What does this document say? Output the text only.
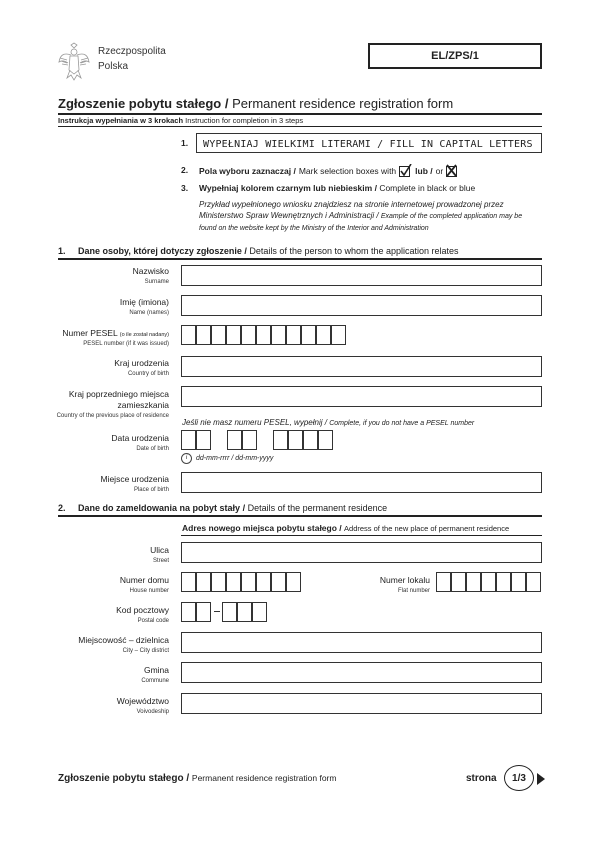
Rzeczpospolita
Polska
EL/ZPS/1
Zgłoszenie pobytu stałego / Permanent residence registration form
Instrukcja wypełniania w 3 krokach Instruction for completion in 3 steps
1.	WYPEŁNIAJ WIELKIMI LITERAMI / FILL IN CAPITAL LETTERS
2. Pola wyboru zaznaczaj / Mark selection boxes with lub / or
3. Wypełniaj kolorem czarnym lub niebieskim / Complete in black or blue
Przykład wypełnionego wniosku znajdziesz na stronie internetowej prowadzonej przez Ministerstwo Spraw Wewnętrznych i Administracji / Example of the completed application may be found on the website kept by the Ministry of the Interior and Administration
1. Dane osoby, której dotyczy zgłoszenie / Details of the person to whom the application relates
Nazwisko
Surname
Imię (imiona)
Name (names)
Numer PESEL (o ile został nadany)
PESEL number (if it was issued)
Kraj urodzenia
Country of birth
Kraj poprzedniego miejsca
zamieszkania
Country of the previous place of residence
Jeśli nie masz numeru PESEL, wypełnij / Complete, if you do not have a PESEL number
Data urodzenia
Date of birth
i	dd-mm-rrrr / dd-mm-yyyy
Miejsce urodzenia
Place of birth
2. Dane do zameldowania na pobyt stały / Details of the permanent residence
Adres nowego miejsca pobytu stałego / Address of the new place of permanent residence
Ulica
Street
Numer domu
House number
Numer lokalu
Flat number
Kod pocztowy
Postal code
Miejscowość – dzielnica
City – City district
Gmina
Commune
Województwo
Voivodeship
Zgłoszenie pobytu stałego / Permanent residence registration form	strona 1/3
